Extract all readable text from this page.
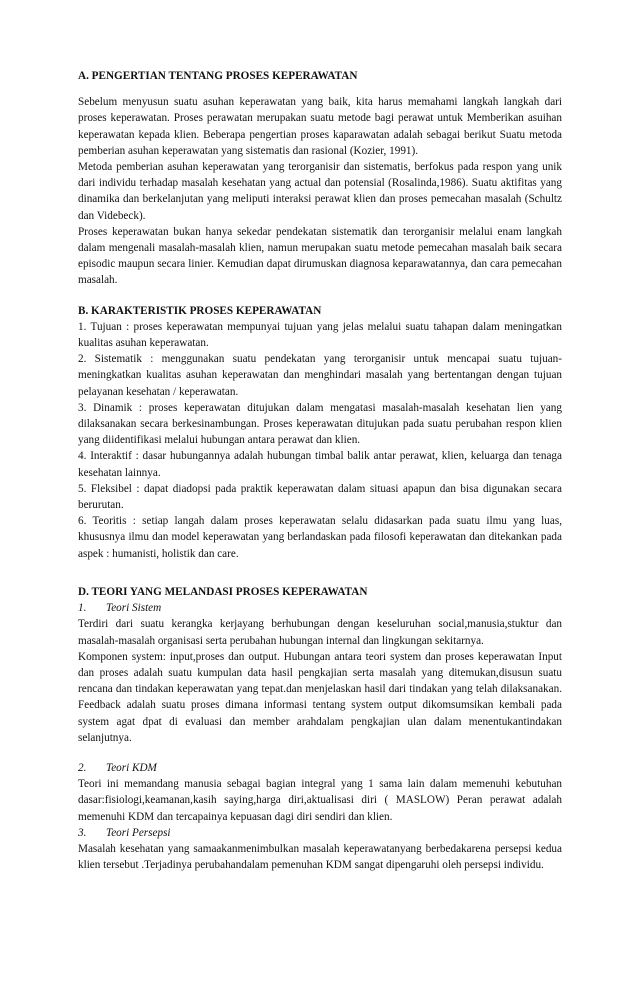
A. PENGERTIAN TENTANG PROSES KEPERAWATAN

Sebelum menyusun suatu asuhan keperawatan yang baik, kita harus memahami langkah langkah dari proses keperawatan. Proses perawatan merupakan suatu metode bagi perawat untuk Memberikan asuihan keperawatan kepada klien. Beberapa pengertian proses kaparawatan adalah sebagai berikut Suatu metoda pemberian asuhan keperawatan yang sistematis dan rasional (Kozier, 1991).

Metoda pemberian asuhan keperawatan yang terorganisir dan sistematis, berfokus pada respon yang unik dari individu terhadap masalah kesehatan yang actual dan potensial (Rosalinda,1986). Suatu aktifitas yang dinamika dan berkelanjutan yang meliputi interaksi perawat klien dan proses pemecahan masalah (Schultz dan Videbeck).

Proses keperawatan bukan hanya sekedar pendekatan sistematik dan terorganisir melalui enam langkah dalam mengenali masalah-masalah klien, namun merupakan suatu metode pemecahan masalah baik secara episodic maupun secara linier. Kemudian dapat dirumuskan diagnosa keparawatannya, dan cara pemecahan masalah.

B. KARAKTERISTIK PROSES KEPERAWATAN

1. Tujuan : proses keperawatan mempunyai tujuan yang jelas melalui suatu tahapan dalam meningatkan kualitas asuhan keperawatan.

2. Sistematik : menggunakan suatu pendekatan yang terorganisir untuk mencapai suatu tujuan-meningkatkan kualitas asuhan keperawatan dan menghindari masalah yang bertentangan dengan tujuan pelayanan kesehatan / keperawatan.

3. Dinamik : proses keperawatan ditujukan dalam mengatasi masalah-masalah kesehatan lien yang dilaksanakan secara berkesinambungan. Proses keperawatan ditujukan pada suatu perubahan respon klien yang diidentifikasi melalui hubungan antara perawat dan klien.

4. Interaktif : dasar hubungannya adalah hubungan timbal balik antar perawat, klien, keluarga dan tenaga kesehatan lainnya.

5. Fleksibel : dapat diadopsi pada praktik keperawatan dalam situasi apapun dan bisa digunakan secara berurutan.

6. Teoritis : setiap langah dalam proses keperawatan selalu didasarkan pada suatu ilmu yang luas, khususnya ilmu dan model keperawatan yang berlandaskan pada filosofi keperawatan dan ditekankan pada aspek : humanisti, holistik dan care.

D. TEORI YANG MELANDASI PROSES KEPERAWATAN

1. Teori Sistem

Terdiri dari suatu kerangka kerjayang berhubungan dengan keseluruhan social,manusia,stuktur dan masalah-masalah organisasi serta perubahan hubungan internal dan lingkungan sekitarnya.

Komponen system: input,proses dan output. Hubungan antara teori system dan proses keperawatan Input dan proses adalah suatu kumpulan data hasil pengkajian serta masalah yang ditemukan,disusun suatu rencana dan tindakan keperawatan yang tepat.dan menjelaskan hasil dari tindakan yang telah dilaksanakan. Feedback adalah suatu proses dimana informasi tentang system output dikomsumsikan kembali pada system agat dpat di evaluasi dan member arahdalam pengkajian ulan dalam menentukantindakan selanjutnya.

2. Teori KDM

Teori ini memandang manusia sebagai bagian integral yang 1 sama lain dalam memenuhi kebutuhan dasar:fisiologi,keamanan,kasih saying,harga diri,aktualisasi diri ( MASLOW) Peran perawat adalah memenuhi KDM dan tercapainya kepuasan dagi diri sendiri dan klien.

3. Teori Persepsi

Masalah kesehatan yang samaakanmenimbulkan masalah keperawatanyang berbedakarena persepsi kedua klien tersebut .Terjadinya perubahandalam pemenuhan KDM sangat dipengaruhi oleh persepsi individu.
